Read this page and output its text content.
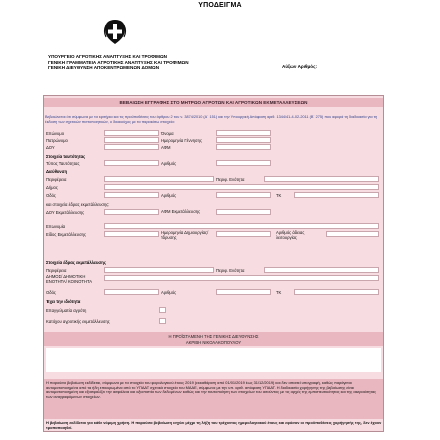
ΥΠΟΔΕΙΓΜΑ
ΥΠΟΥΡΓΕΙΟ ΑΓΡΟΤΙΚΗΣ ΑΝΑΠΤΥΞΗΣ ΚΑΙ ΤΡΟΦΙΜΩΝ
ΓΕΝΙΚΗ ΓΡΑΜΜΑΤΕΙΑ ΑΓΡΟΤΙΚΗΣ ΑΝΑΠΤΥΞΗΣ ΚΑΙ ΤΡΟΦΙΜΩΝ
ΓΕΝΙΚΗ ΔΙΕΥΘΥΝΣΗ ΑΠΟΚΕΝΤΡΩΜΕΝΩΝ ΔΟΜΩΝ	Αύξων Αριθμός:
ΒΕΒΑΙΩΣΗ ΕΓΓΡΑΦΗΣ ΣΤΟ ΜΗΤΡΩΟ ΑΓΡΟΤΩΝ ΚΑΙ ΑΓΡΟΤΙΚΩΝ ΕΚΜΕΤΑΛΛΕΥΣΕΩΝ
Βεβαιώνεται ότι σύμφωνα με τα κριτήρια και τις προϋποθέσεις του άρθρου 2 του ν. 3874/2010 (Α΄ 151) και την Υπουργική Απόφαση αριθ. 1344/41-4-02-2011 (Β΄ 275) που αφορά τη διαδικασία για τη έκδοση των σχετικών πιστοποιητικών, ο δικαιούχος με τα παρακάτω στοιχεία:
Επώνυμο	Όνομα
Πατρώνυμο	Ημερομηνία Γέννησης
ΔΟΥ	ΑΦΜ
Στοιχεία ταυτότητας
Τύπος Ταυτότητας	Αριθμός
Διεύθυνση
Περιφέρεια	Περιφ. Ενότητα
Δήμος
Οδός	Αριθμός	ΤΚ
και στοιχεία έδρας εκμετάλλευσης:
ΔΟΥ Εκμετάλλευσης	ΑΦΜ Εκμετάλλευσης
Επωνυμία
Είδος Εκμετάλλευσης	Ημερομηνία Δημιουργίας/ Ίδρυσης
Αριθμός άδειας λειτουργίας
Στοιχεία έδρας εκμετάλλευσης
Περιφέρεια	Περιφ. Ενότητα
ΔΗΜΟΣ/ ΔΗΜΟΤΙΚΗ ΕΝΟΤΗΤΑ/ ΚΟΙΝΟΤΗΤΑ
Οδός	Αριθμός	ΤΚ
Έχει την ιδιότητα
Επαγγελματία αγρότη
Κατόχου αγροτικής εκμετάλλευσης
Η ΠΡΟΪΣΤΑΜΕΝΗ ΤΗΣ ΓΕΝΙΚΗΣ ΔΙΕΥΘΥΝΣΗΣ
ΑΚΡΙΒΗ ΝΙΚΟΛΑΚΟΠΟΥΛΟΥ
Η παρούσα βεβαίωση εκδίδεται, σύμφωνα με τα στοιχεία του φορολογικού έτους 2019 (εκκαθάριση από 01/01/2019 έως 31/12/2019) και δεν απαιτεί υπογραφή, καθώς παράγεται αυτοματοποιημένα από τα ήδη επικυρωμένα από το ΥΠΑΑΤ σχετικά στοιχεία του ΜΑΑΕ, σύμφωνα με την υπ. αριθ. απόφαση ΥΠΑΑΤ. Η διαδικασία χορήγησης της βεβαίωσης είναι αυτοματοποιημένη και εξασφαλίζει την ασφάλεια και αξιοπιστία των δεδομένων καθώς και την ταυτοποίηση των στοιχείων του αιτούντος με τις αρχές της εμπιστευτικότητας και της ακεραιότητας των αναγραφόμενων στοιχείων.
Η βεβαίωση εκδίδεται για κάθε νόμιμη χρήση. Η παρούσα βεβαίωση ισχύει μέχρι τη λήξη του τρέχοντος ημερολογιακού έτους και εφόσον οι προϋποθέσεις χορήγησής της, δεν έχουν τροποποιηθεί.
